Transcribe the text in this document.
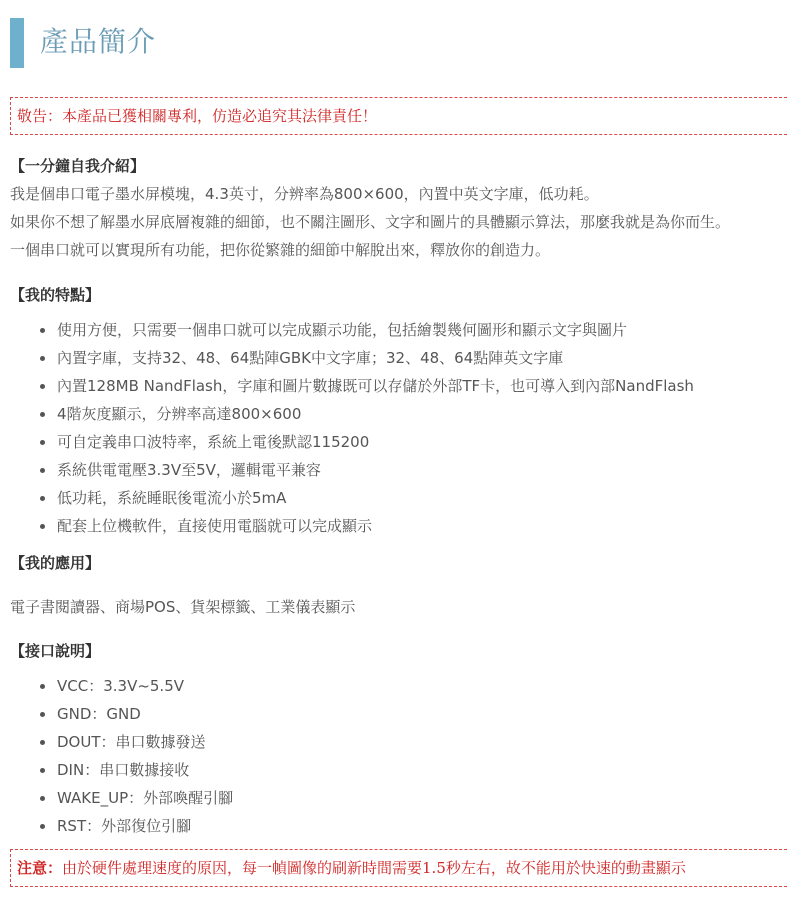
產品簡介
敬告：本產品已獲相關專利，仿造必追究其法律責任！
【一分鐘自我介紹】
我是個串口電子墨水屏模塊，4.3英寸，分辨率為800×600，內置中英文字庫，低功耗。
如果你不想了解墨水屏底層複雜的細節，也不關注圖形、文字和圖片的具體顯示算法，那麼我就是為你而生。
一個串口就可以實現所有功能，把你從繁雜的細節中解脫出來，釋放你的創造力。
【我的特點】
使用方便，只需要一個串口就可以完成顯示功能，包括繪製幾何圖形和顯示文字與圖片
內置字庫，支持32、48、64點陣GBK中文字庫；32、48、64點陣英文字庫
內置128MB NandFlash，字庫和圖片數據既可以存儲於外部TF卡，也可導入到內部NandFlash
4階灰度顯示，分辨率高達800×600
可自定義串口波特率，系統上電後默認115200
系統供電電壓3.3V至5V，邏輯電平兼容
低功耗，系統睡眠後電流小於5mA
配套上位機軟件，直接使用電腦就可以完成顯示
【我的應用】
電子書閱讀器、商場POS、貨架標籤、工業儀表顯示
【接口說明】
VCC：3.3V~5.5V
GND：GND
DOUT：串口數據發送
DIN：串口數據接收
WAKE_UP：外部喚醒引腳
RST：外部復位引腳
注意：由於硬件處理速度的原因，每一幀圖像的刷新時間需要1.5秒左右，故不能用於快速的動畫顯示
